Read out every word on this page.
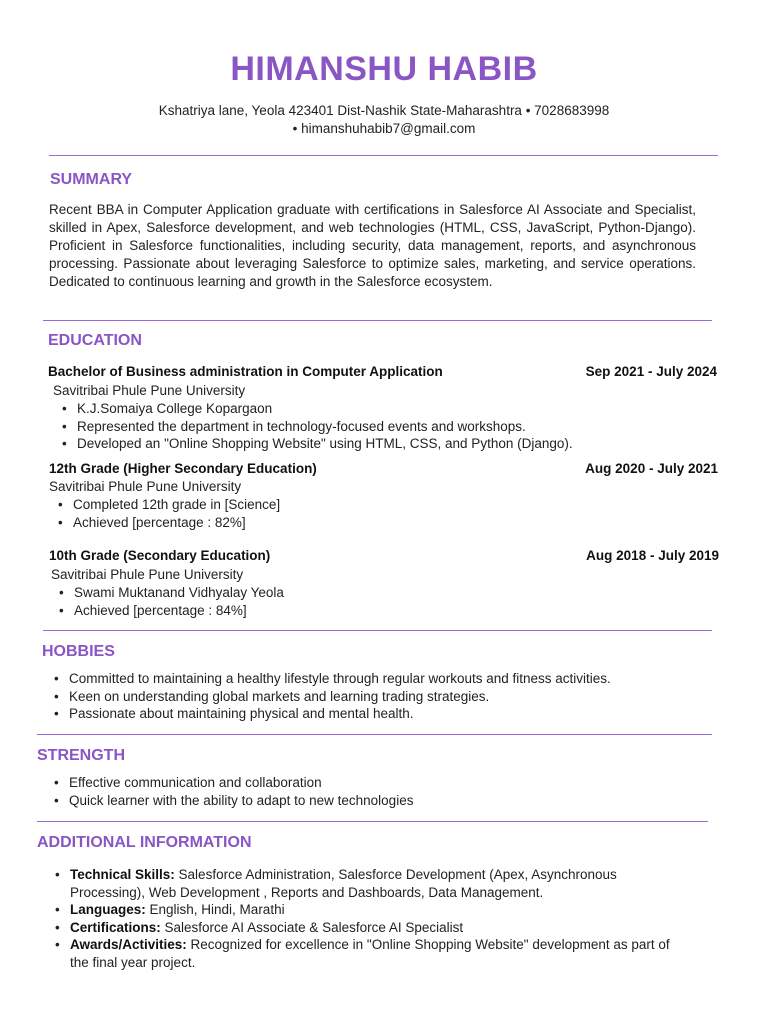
HIMANSHU HABIB
Kshatriya lane, Yeola 423401 Dist-Nashik State-Maharashtra • 7028683998
• himanshuhabib7@gmail.com
SUMMARY

Recent BBA in Computer Application graduate with certifications in Salesforce AI Associate and Specialist, skilled in Apex, Salesforce development, and web technologies (HTML, CSS, JavaScript, Python-Django). Proficient in Salesforce functionalities, including security, data management, reports, and asynchronous processing. Passionate about leveraging Salesforce to optimize sales, marketing, and service operations. Dedicated to continuous learning and growth in the Salesforce ecosystem.

EDUCATION
Bachelor of Business administration in Computer Application	Sep 2021 - July 2024
Savitribai Phule Pune University
• K.J.Somaiya College Kopargaon
• Represented the department in technology-focused events and workshops.
• Developed an "Online Shopping Website" using HTML, CSS, and Python (Django).
12th Grade (Higher Secondary Education)	Aug 2020 - July 2021
Savitribai Phule Pune University
• Completed 12th grade in [Science]
• Achieved [percentage : 82%]
10th Grade (Secondary Education)	Aug 2018 - July 2019
Savitribai Phule Pune University
• Swami Muktanand Vidhyalay Yeola
• Achieved [percentage : 84%]
HOBBIES
• Committed to maintaining a healthy lifestyle through regular workouts and fitness activities.
• Keen on understanding global markets and learning trading strategies.
• Passionate about maintaining physical and mental health.
STRENGTH
• Effective communication and collaboration
• Quick learner with the ability to adapt to new technologies
ADDITIONAL INFORMATION
• Technical Skills: Salesforce Administration, Salesforce Development (Apex, Asynchronous Processing), Web Development , Reports and Dashboards, Data Management.
• Languages: English, Hindi, Marathi
• Certifications: Salesforce AI Associate & Salesforce AI Specialist
• Awards/Activities: Recognized for excellence in "Online Shopping Website" development as part of the final year project.
